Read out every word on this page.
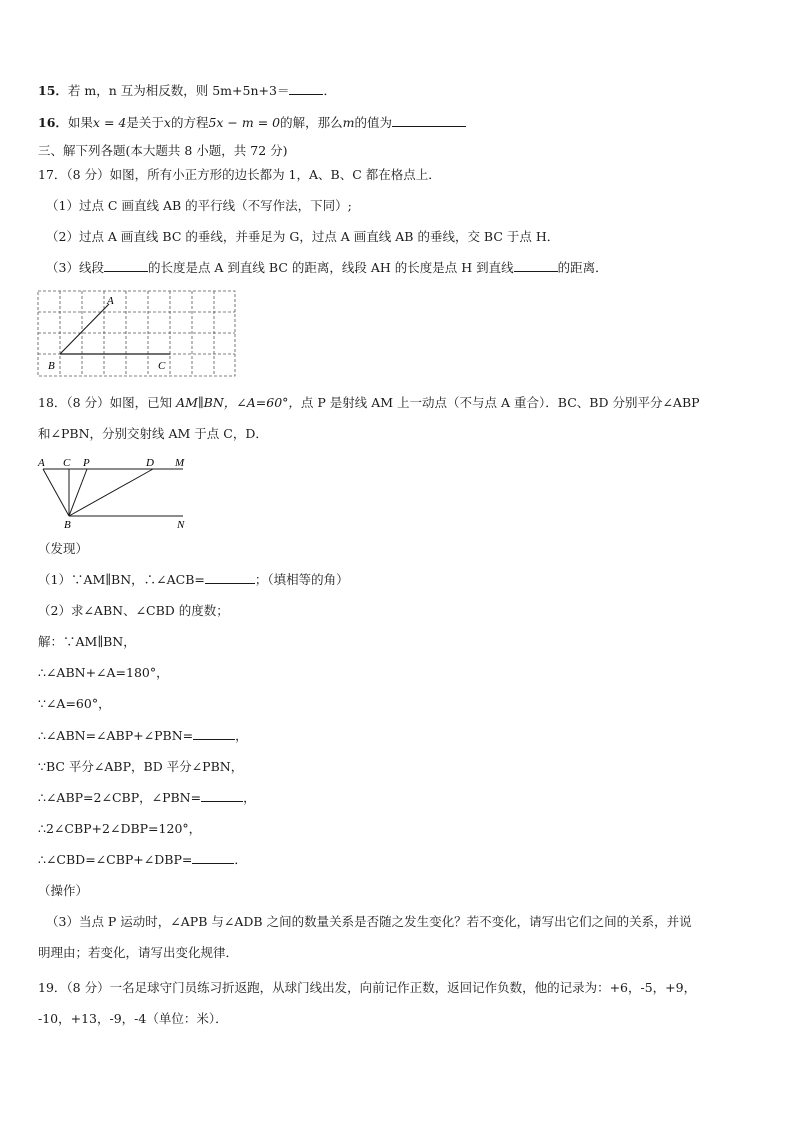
15．若 m，n 互为相反数，则 5m+5n+3＝	．
16．如果x = 4是关于x的方程5x − m = 0的解，那么m的值为
三、解下列各题(本大题共 8 小题，共 72 分)
17．（8 分）如图，所有小正方形的边长都为 1，A、B、C 都在格点上．
（1）过点 C 画直线 AB 的平行线（不写作法，下同）;
（2）过点 A 画直线 BC 的垂线，并垂足为 G，过点 A 画直线 AB 的垂线，交 BC 于点 H．
（3）线段	的长度是点 A 到直线 BC 的距离，线段 AH 的长度是点 H 到直线	的距离．
A
B	C
18．（8 分）如图，已知 AM∥BN，∠A=60°，点 P 是射线 AM 上一动点（不与点 A 重合）．BC、BD 分别平分∠ABP
和∠PBN，分别交射线 AM 于点 C，D．
A C P	D M
B	N
（发现）
（1）∵AM∥BN，∴∠ACB=	；（填相等的角）
（2）求∠ABN、∠CBD 的度数；
解：∵AM∥BN，
∴∠ABN+∠A=180°，
∵∠A=60°，
∴∠ABN=∠ABP+∠PBN=	，
∵BC 平分∠ABP，BD 平分∠PBN，
∴∠ABP=2∠CBP，∠PBN=	，
∴2∠CBP+2∠DBP=120°，
∴∠CBD=∠CBP+∠DBP=	．
（操作）
（3）当点 P 运动时，∠APB 与∠ADB 之间的数量关系是否随之发生变化？若不变化，请写出它们之间的关系，并说
明理由；若变化，请写出变化规律．
19．（8 分）一名足球守门员练习折返跑，从球门线出发，向前记作正数，返回记作负数，他的记录为：+6，-5，+9，
-10，+13，-9，-4（单位：米）．
